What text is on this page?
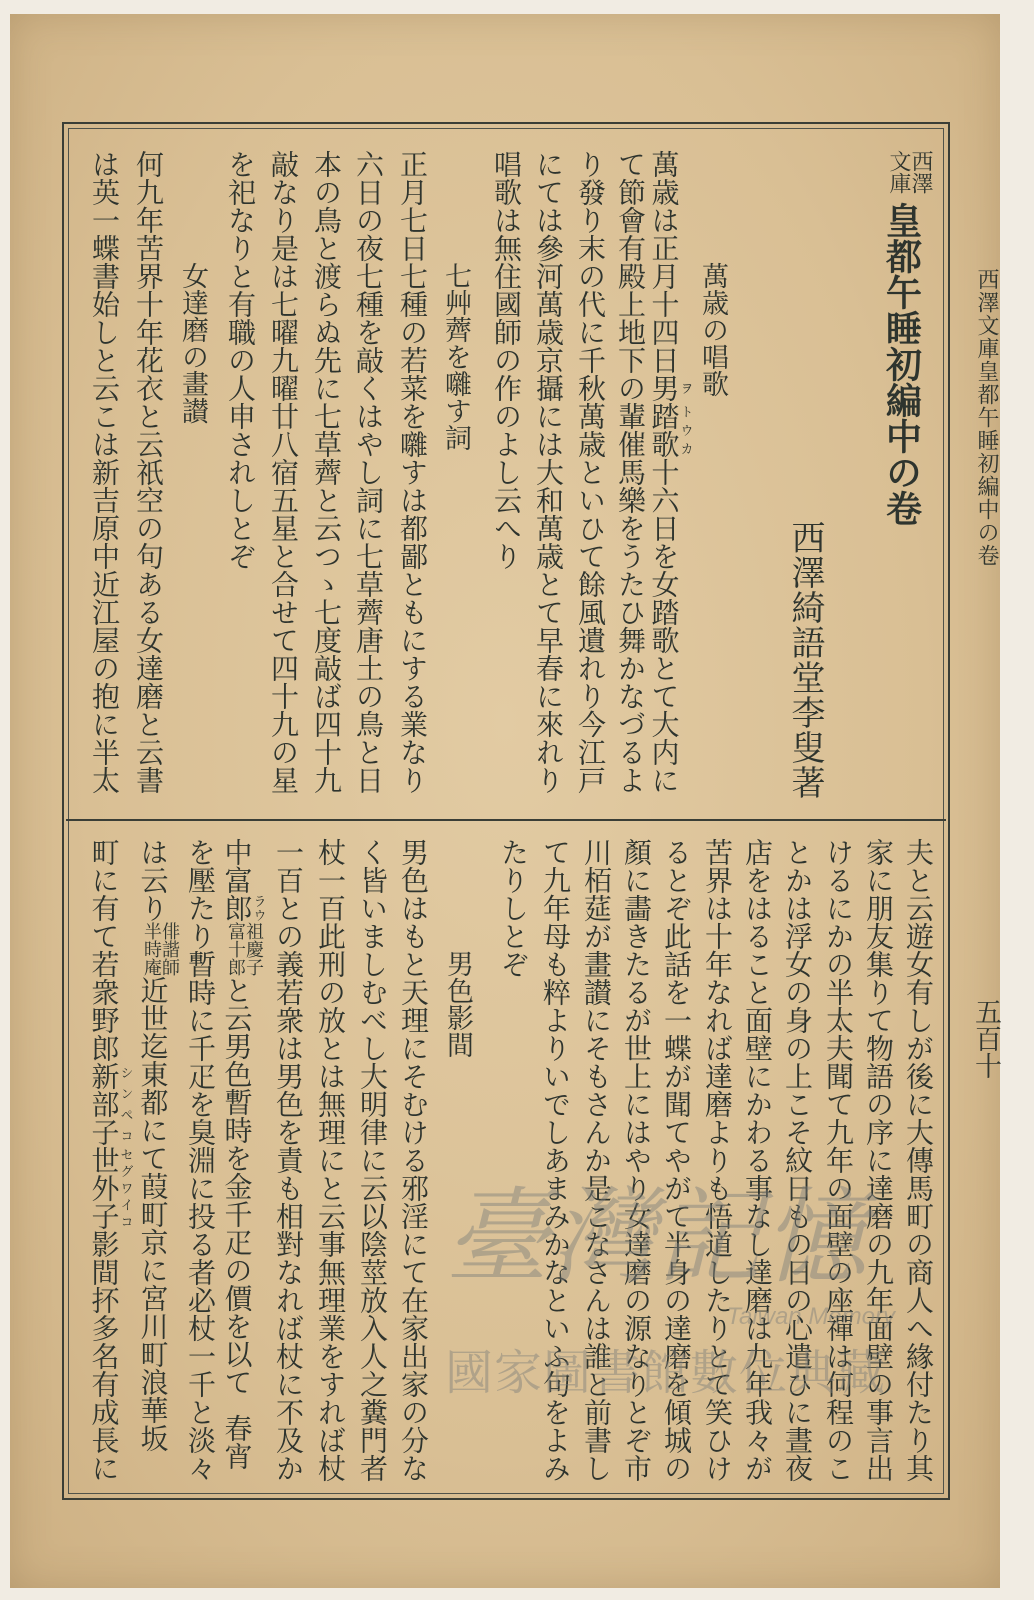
西澤文庫皇都午睡初編中の卷
五百十
西澤
文庫
皇都午睡初編中の卷
西澤綺語堂李叟著
萬歳の唱歌
萬歳は正月十四日男ヲ踏歌トウカ十六日を女踏歌とて大内に
て節會有殿上地下の輩催馬樂をうたひ舞かなづるよ
り發り末の代に千秋萬歳といひて餘風遺れり今江戸
にては參河萬歳京攝には大和萬歳とて早春に來れり
唱歌は無住國師の作のよし云へり
七艸薺を囃す詞
正月七日七種の若菜を囃すは都鄙ともにする業なり
六日の夜七種を敲くはやし詞に七草薺唐土の鳥と日
本の鳥と渡らぬ先に七草薺と云つゝ七度敲ば四十九
敲なり是は七曜九曜廿八宿五星と合せて四十九の星
を祀なりと有職の人申されしとぞ
女達磨の畫讃
何九年苦界十年花衣と云祇空の句ある女達磨と云書
は英一蝶書始しと云こは新吉原中近江屋の抱に半太
夫と云遊女有しが後に大傳馬町の商人へ緣付たり其
家に朋友集りて物語の序に達磨の九年面壁の事言出
けるにかの半太夫聞て九年の面壁の座禪は何程のこ
とかは浮女の身の上こそ紋日もの日の心遣ひに晝夜
店をはること面壁にかわる事なし達磨は九年我々が
苦界は十年なれば達磨よりも悟道したりとて笑ひけ
るとぞ此話を一蝶が聞てやがて半身の達磨を傾城の
顏に畵きたるが世上にはやり女達磨の源なりとぞ市
川栢莚が畫讃にそもさんか是こなさんは誰と前書し
て九年母も粹よりいでしあまみかなといふ句をよみ
たりしとぞ
男色影間
男色はもと天理にそむける邪淫にて在家出家の分な
く皆いましむべし大明律に云以陰莖放入人之糞門者
杖一百此刑の放とは無理にと云事無理業をすれば杖
一百との義若衆は男色を責も相對なれば杖に不及か
中富郎ラウ
祖慶子
富十郎
と云男色暫時を金千疋の價を以て春宵
を壓たり暫時に千疋を臭淵に投る者必杖一千と淡々
は云り
俳諧師
半時庵
近世迄東都にて葭町京に宮川町浪華坂
町に有て若衆野郎新部子シンペコ世外子セグワイコ影間抔多名有成長に	臺灣記憶
Taiwan Memory
國家圖書館數位典藏
